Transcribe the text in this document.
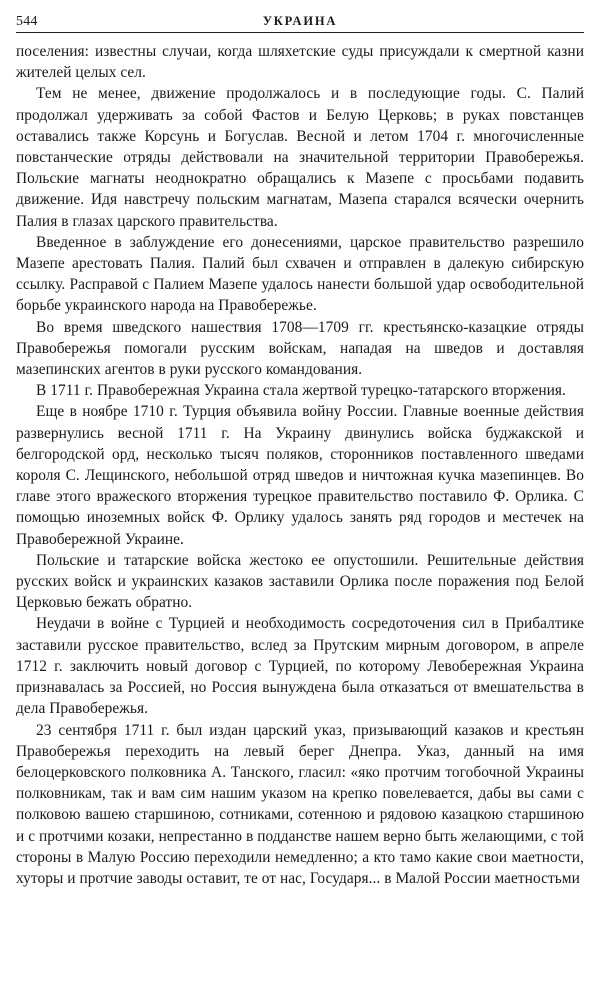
544	УКРАИНА

поселения: известны случаи, когда шляхетские суды присуждали к смертной казни жителей целых сел.

Тем не менее, движение продолжалось и в последующие годы. С. Палий продолжал удерживать за собой Фастов и Белую Церковь; в руках повстанцев оставались также Корсунь и Богуслав. Весной и летом 1704 г. многочисленные повстанческие отряды действовали на значительной территории Правобережья. Польские магнаты неоднократно обращались к Мазепе с просьбами подавить движение. Идя навстречу польским магнатам, Мазепа старался всячески очернить Палия в глазах царского правительства.

Введенное в заблуждение его донесениями, царское правительство разрешило Мазепе арестовать Палия. Палий был схвачен и отправлен в далекую сибирскую ссылку. Расправой с Палием Мазепе удалось нанести большой удар освободительной борьбе украинского народа на Правобережье.

Во время шведского нашествия 1708—1709 гг. крестьянско-казацкие отряды Правобережья помогали русским войскам, нападая на шведов и доставляя мазепинских агентов в руки русского командования.

В 1711 г. Правобережная Украина стала жертвой турецко-татарского вторжения.

Еще в ноябре 1710 г. Турция объявила войну России. Главные военные действия развернулись весной 1711 г. На Украину двинулись войска буджакской и белгородской орд, несколько тысяч поляков, сторонников поставленного шведами короля С. Лещинского, небольшой отряд шведов и ничтожная кучка мазепинцев. Во главе этого вражеского вторжения турецкое правительство поставило Ф. Орлика. С помощью иноземных войск Ф. Орлику удалось занять ряд городов и местечек на Правобережной Украине.

Польские и татарские войска жестоко ее опустошили. Решительные действия русских войск и украинских казаков заставили Орлика после поражения под Белой Церковью бежать обратно.

Неудачи в войне с Турцией и необходимость сосредоточения сил в Прибалтике заставили русское правительство, вслед за Прутским мирным договором, в апреле 1712 г. заключить новый договор с Турцией, по которому Левобережная Украина признавалась за Россией, но Россия вынуждена была отказаться от вмешательства в дела Правобережья.

23 сентября 1711 г. был издан царский указ, призывающий казаков и крестьян Правобережья переходить на левый берег Днепра. Указ, данный на имя белоцерковского полковника А. Танского, гласил: «яко протчим тогобочной Украины полковникам, так и вам сим нашим указом на крепко повелевается, дабы вы сами с полковою вашею старшиною, сотниками, сотенною и рядовою казацкою старшиною и с протчими козаки, непрестанно в подданстве нашем верно быть желающими, с той стороны в Малую Россию переходили немедленно; а кто тамо какие свои маетности, хуторы и протчие заводы оставит, те от нас, Государя... в Малой России маетностьми
